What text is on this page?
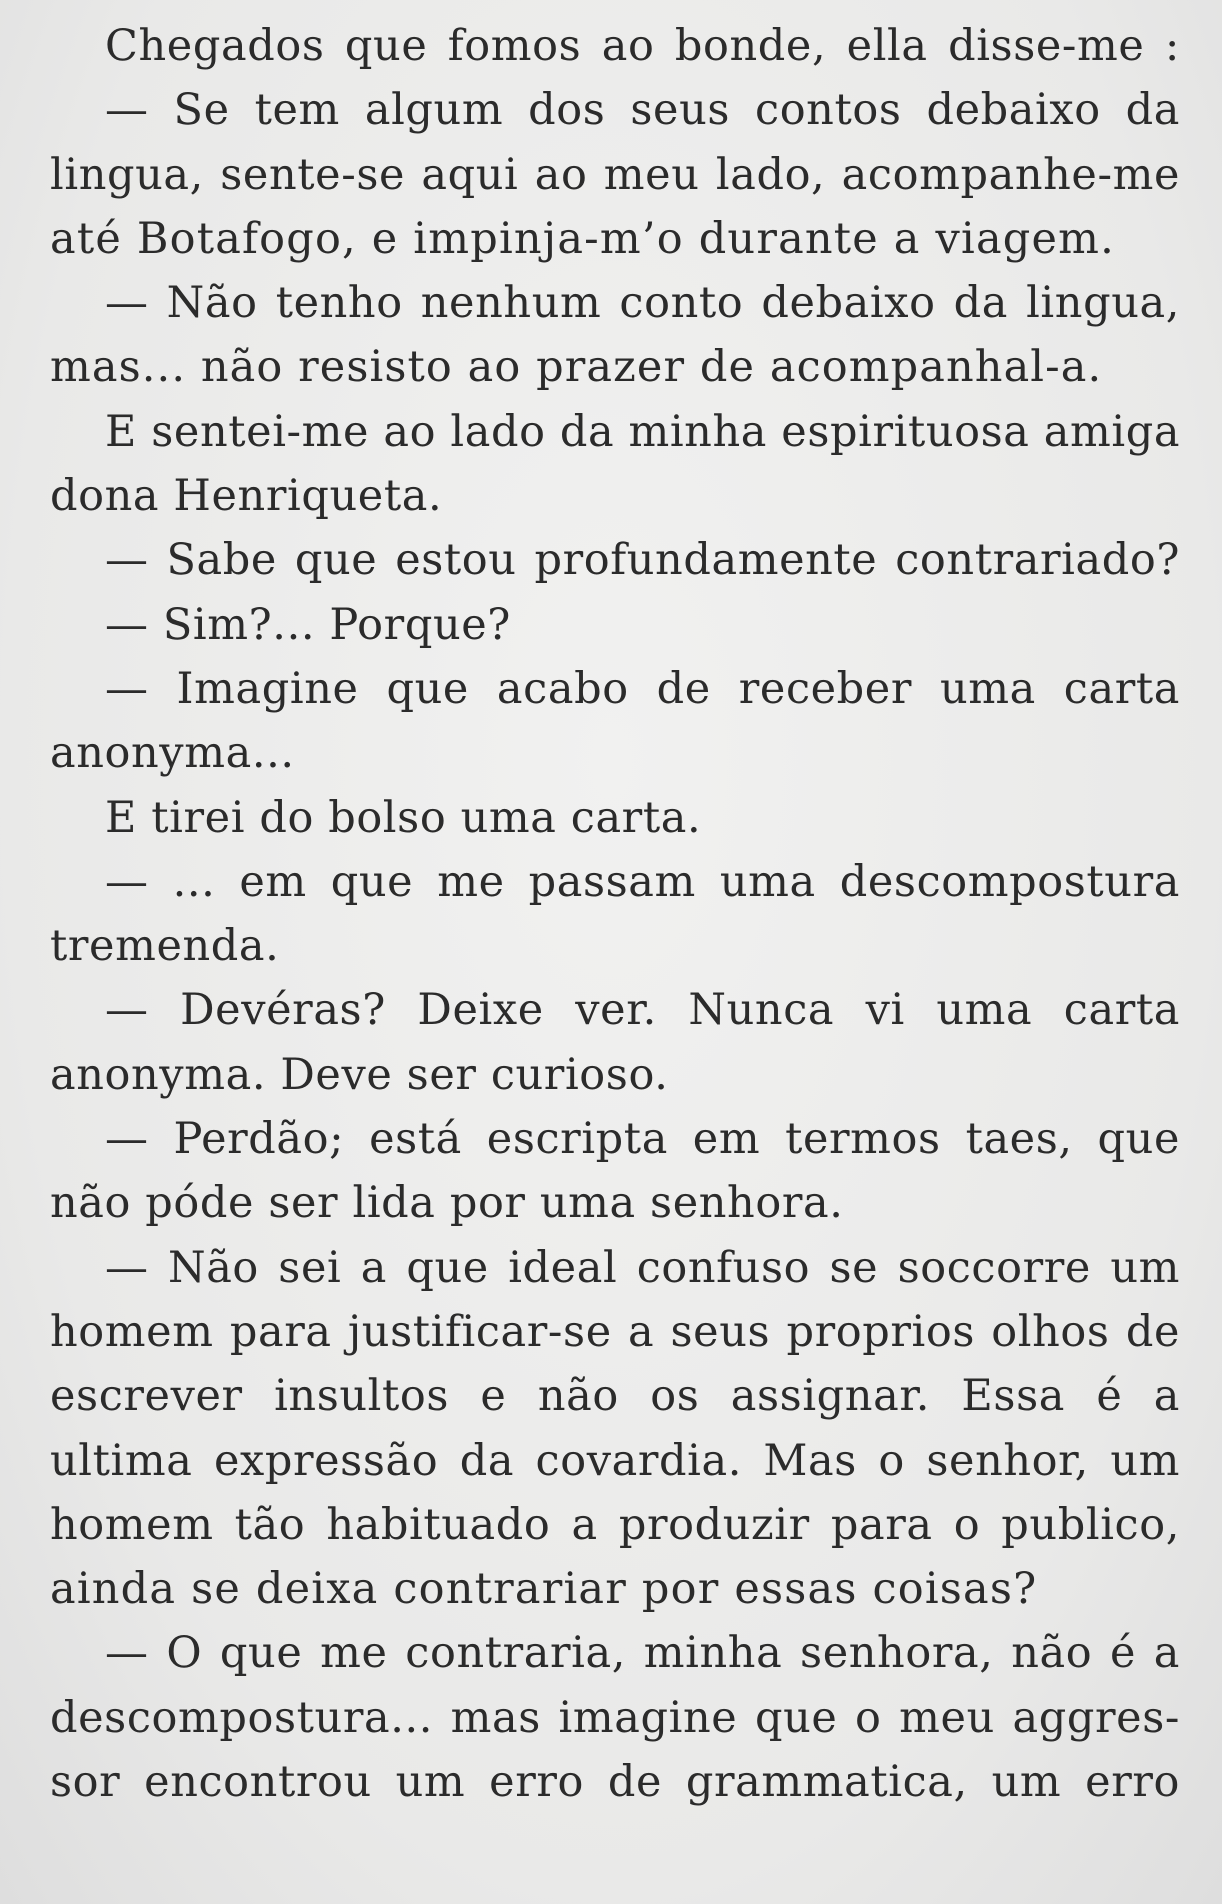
Chegados que fomos ao bonde, ella disse-me :
— Se tem algum dos seus contos debaixo da
lingua, sente-se aqui ao meu lado, acompanhe-me
até Botafogo, e impinja-m’o durante a viagem.
— Não tenho nenhum conto debaixo da lingua,
mas... não resisto ao prazer de acompanhal-a.
E sentei-me ao lado da minha espirituosa amiga
dona Henriqueta.
— Sabe que estou profundamente contrariado?
— Sim?... Porque?
— Imagine que acabo de receber uma carta
anonyma...
E tirei do bolso uma carta.
— ... em que me passam uma descompostura
tremenda.
— Devéras? Deixe ver. Nunca vi uma carta
anonyma. Deve ser curioso.
— Perdão; está escripta em termos taes, que
não póde ser lida por uma senhora.
— Não sei a que ideal confuso se soccorre um
homem para justificar-se a seus proprios olhos de
escrever insultos e não os assignar. Essa é a
ultima expressão da covardia. Mas o senhor, um
homem tão habituado a produzir para o publico,
ainda se deixa contrariar por essas coisas?
— O que me contraria, minha senhora, não é a
descompostura... mas imagine que o meu aggres-
sor encontrou um erro de grammatica, um erro
